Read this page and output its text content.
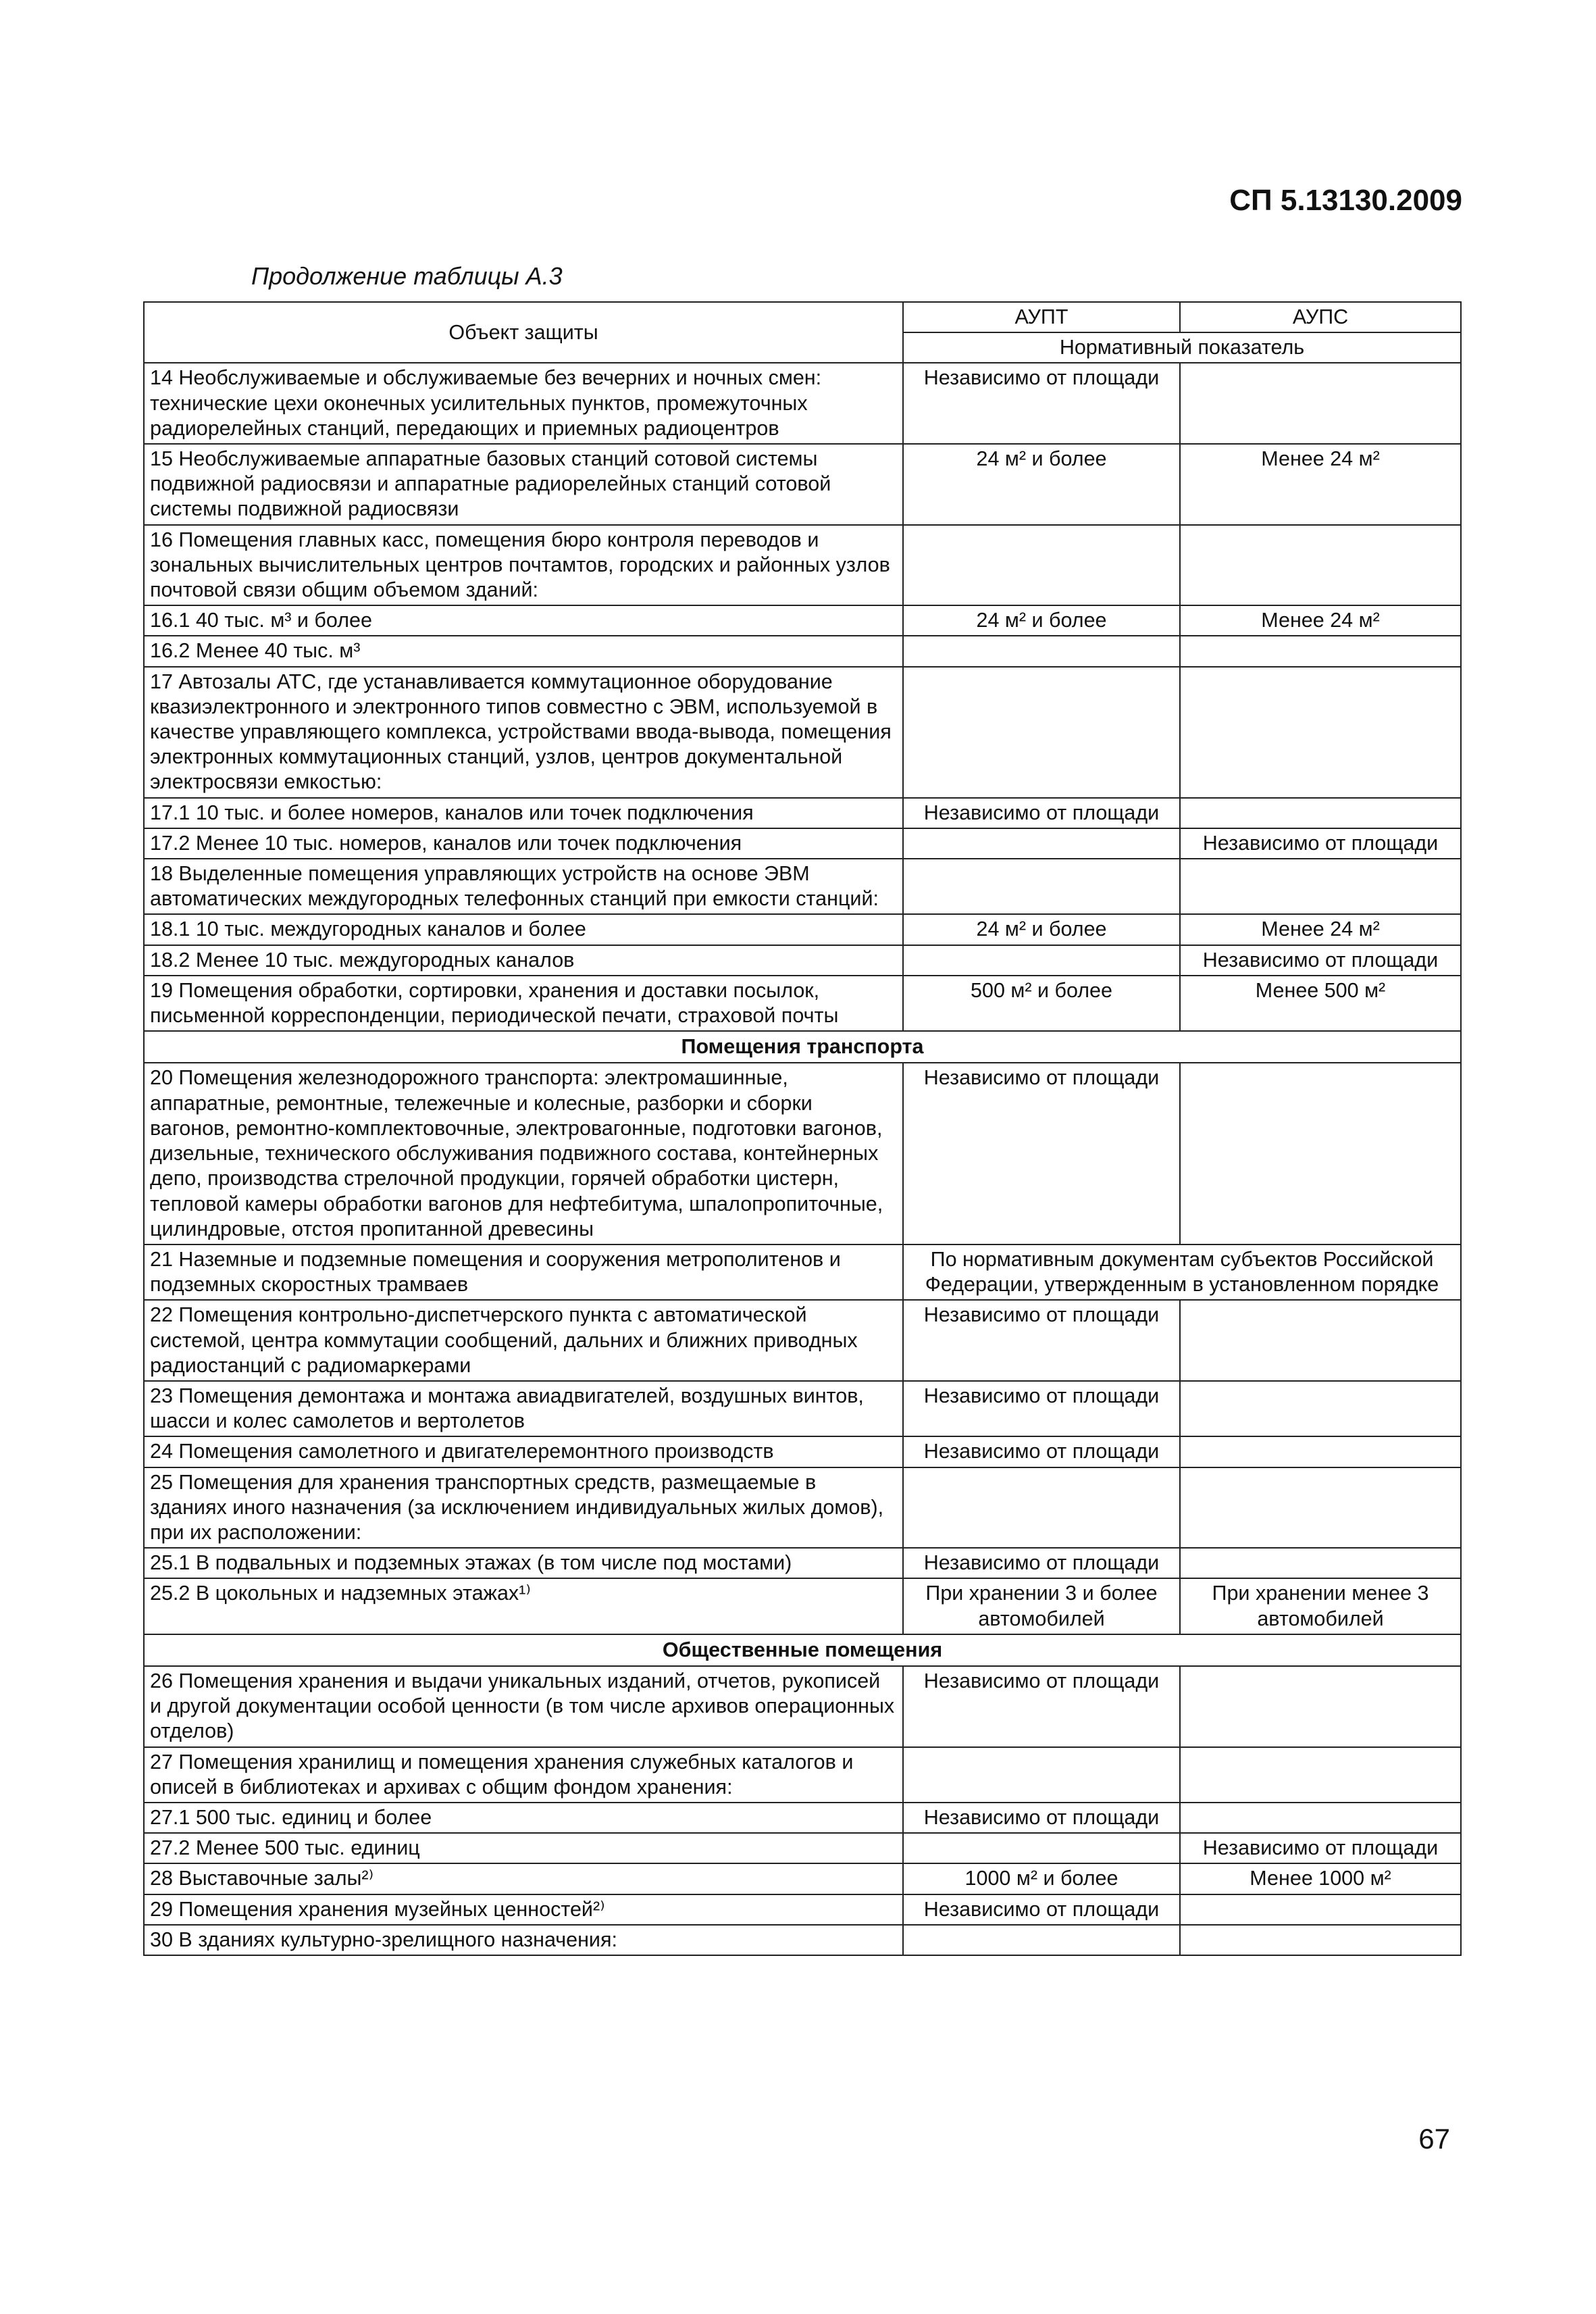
СП 5.13130.2009
Продолжение таблицы А.3
Объект защиты	АУПТ	АУПС
	Нормативный показатель	
14 Необслуживаемые и обслуживаемые без вечерних и ночных смен: технические цехи оконечных усилительных пунктов, промежуточных радиорелейных станций, передающих и приемных радиоцентров	Независимо от площади	
15 Необслуживаемые аппаратные базовых станций сотовой системы подвижной радиосвязи и аппаратные радиорелейных станций сотовой системы подвижной радиосвязи	24 м² и более	Менее 24 м²
16 Помещения главных касс, помещения бюро контроля переводов и зональных вычислительных центров почтамтов, городских и районных узлов почтовой связи общим объемом зданий:		
16.1 40 тыс. м³ и более	24 м² и более	Менее 24 м²
16.2 Менее 40 тыс. м³		
17 Автозалы АТС, где устанавливается коммутационное оборудование квазиэлектронного и электронного типов совместно с ЭВМ, используемой в качестве управляющего комплекса, устройствами ввода-вывода, помещения электронных коммутационных станций, узлов, центров документальной электросвязи емкостью:		
17.1 10 тыс. и более номеров, каналов или точек подключения	Независимо от площади	
17.2 Менее 10 тыс. номеров, каналов или точек подключения		Независимо от площади
18 Выделенные помещения управляющих устройств на основе ЭВМ автоматических междугородных телефонных станций при емкости станций:		
18.1 10 тыс. междугородных каналов и более	24 м² и более	Менее 24 м²
18.2 Менее 10 тыс. междугородных каналов		Независимо от площади
19 Помещения обработки, сортировки, хранения и доставки посылок, письменной корреспонденции, периодической печати, страховой почты	500 м² и более	Менее 500 м²
Помещения транспорта		
20 Помещения железнодорожного транспорта: электромашинные, аппаратные, ремонтные, тележечные и колесные, разборки и сборки вагонов, ремонтно-комплектовочные, электровагонные, подготовки вагонов, дизельные, технического обслуживания подвижного состава, контейнерных депо, производства стрелочной продукции, горячей обработки цистерн, тепловой камеры обработки вагонов для нефтебитума, шпалопропиточные, цилиндровые, отстоя пропитанной древесины	Независимо от площади	
21 Наземные и подземные помещения и сооружения метрополитенов и подземных скоростных трамваев	По нормативным документам субъектов Российской Федерации, утвержденным в установленном порядке	
22 Помещения контрольно-диспетчерского пункта с автоматической системой, центра коммутации сообщений, дальних и ближних приводных радиостанций с радиомаркерами	Независимо от площади	
23 Помещения демонтажа и монтажа авиадвигателей, воздушных винтов, шасси и колес самолетов и вертолетов	Независимо от площади	
24 Помещения самолетного и двигателеремонтного производств	Независимо от площади	
25 Помещения для хранения транспортных средств, размещаемые в зданиях иного назначения (за исключением индивидуальных жилых домов), при их расположении:		
25.1 В подвальных и подземных этажах (в том числе под мостами)	Независимо от площади	
25.2 В цокольных и надземных этажах¹⁾	При хранении 3 и более автомобилей	При хранении менее 3 автомобилей
Общественные помещения		
26 Помещения хранения и выдачи уникальных изданий, отчетов, рукописей и другой документации особой ценности (в том числе архивов операционных отделов)	Независимо от площади	
27 Помещения хранилищ и помещения хранения служебных каталогов и описей в библиотеках и архивах с общим фондом хранения:		
27.1 500 тыс. единиц и более	Независимо от площади	
27.2 Менее 500 тыс. единиц		Независимо от площади
28 Выставочные залы²⁾	1000 м² и более	Менее 1000 м²
29 Помещения хранения музейных ценностей²⁾	Независимо от площади	
30 В зданиях культурно-зрелищного назначения:		
67
